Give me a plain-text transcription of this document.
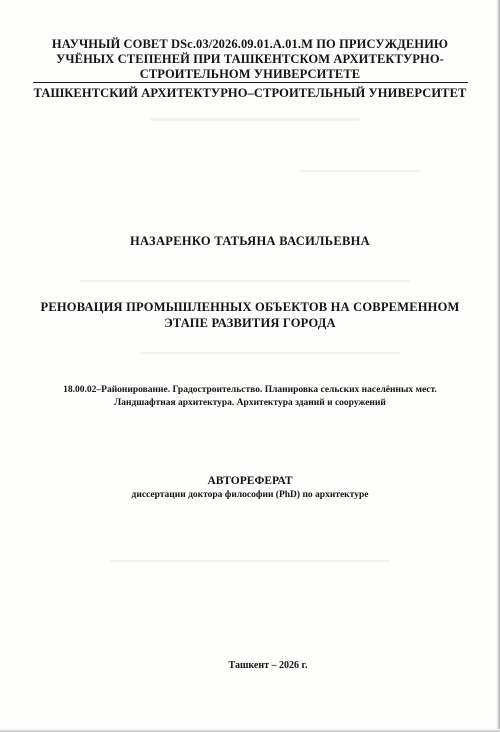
НАУЧНЫЙ СОВЕТ DSc.03/2026.09.01.A.01.M ПО ПРИСУЖДЕНИЮ
УЧЁНЫХ СТЕПЕНЕЙ ПРИ ТАШКЕНТСКОМ АРХИТЕКТУРНО-
СТРОИТЕЛЬНОМ УНИВЕРСИТЕТЕ
ТАШКЕНТСКИЙ АРХИТЕКТУРНО–СТРОИТЕЛЬНЫЙ УНИВЕРСИТЕТ
НАЗАРЕНКО ТАТЬЯНА ВАСИЛЬЕВНА
РЕНОВАЦИЯ ПРОМЫШЛЕННЫХ ОБЪЕКТОВ НА СОВРЕМЕННОМ
ЭТАПЕ РАЗВИТИЯ ГОРОДА
18.00.02–Районирование. Градостроительство. Планировка сельских населённых мест.
Ландшафтная архитектура. Архитектура зданий и сооружений
АВТОРЕФЕРАТ
диссертации доктора философии (PhD) по архитектуре
Ташкент – 2026 г.
